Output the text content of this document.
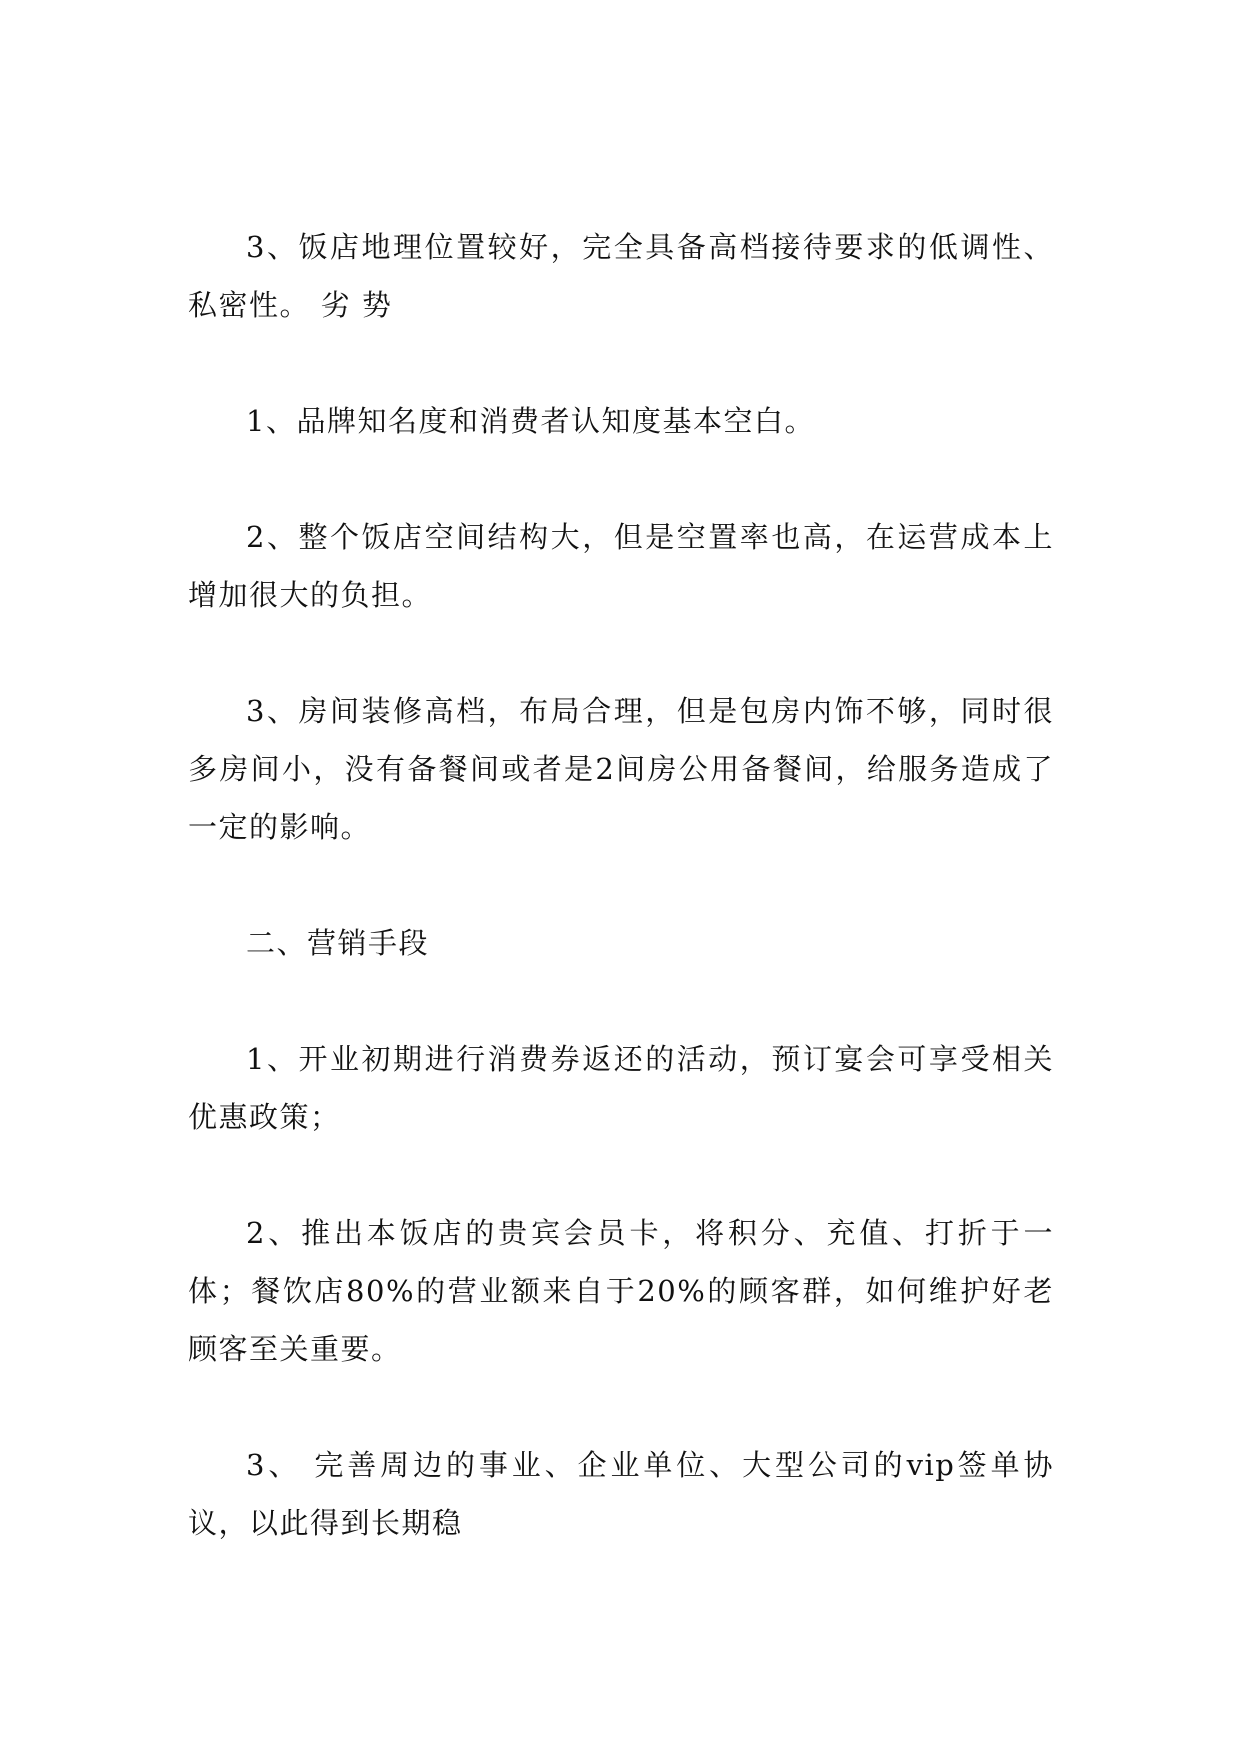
3、饭店地理位置较好，完全具备高档接待要求的低调性、私密性。 劣 势

1、品牌知名度和消费者认知度基本空白。

2、整个饭店空间结构大，但是空置率也高，在运营成本上增加很大的负担。

3、房间装修高档，布局合理，但是包房内饰不够，同时很多房间小，没有备餐间或者是2间房公用备餐间，给服务造成了一定的影响。

二、营销手段

1、开业初期进行消费券返还的活动，预订宴会可享受相关优惠政策；

2、推出本饭店的贵宾会员卡，将积分、充值、打折于一体；餐饮店80%的营业额来自于20%的顾客群，如何维护好老顾客至关重要。

3、 完善周边的事业、企业单位、大型公司的vip签单协议，以此得到长期稳
